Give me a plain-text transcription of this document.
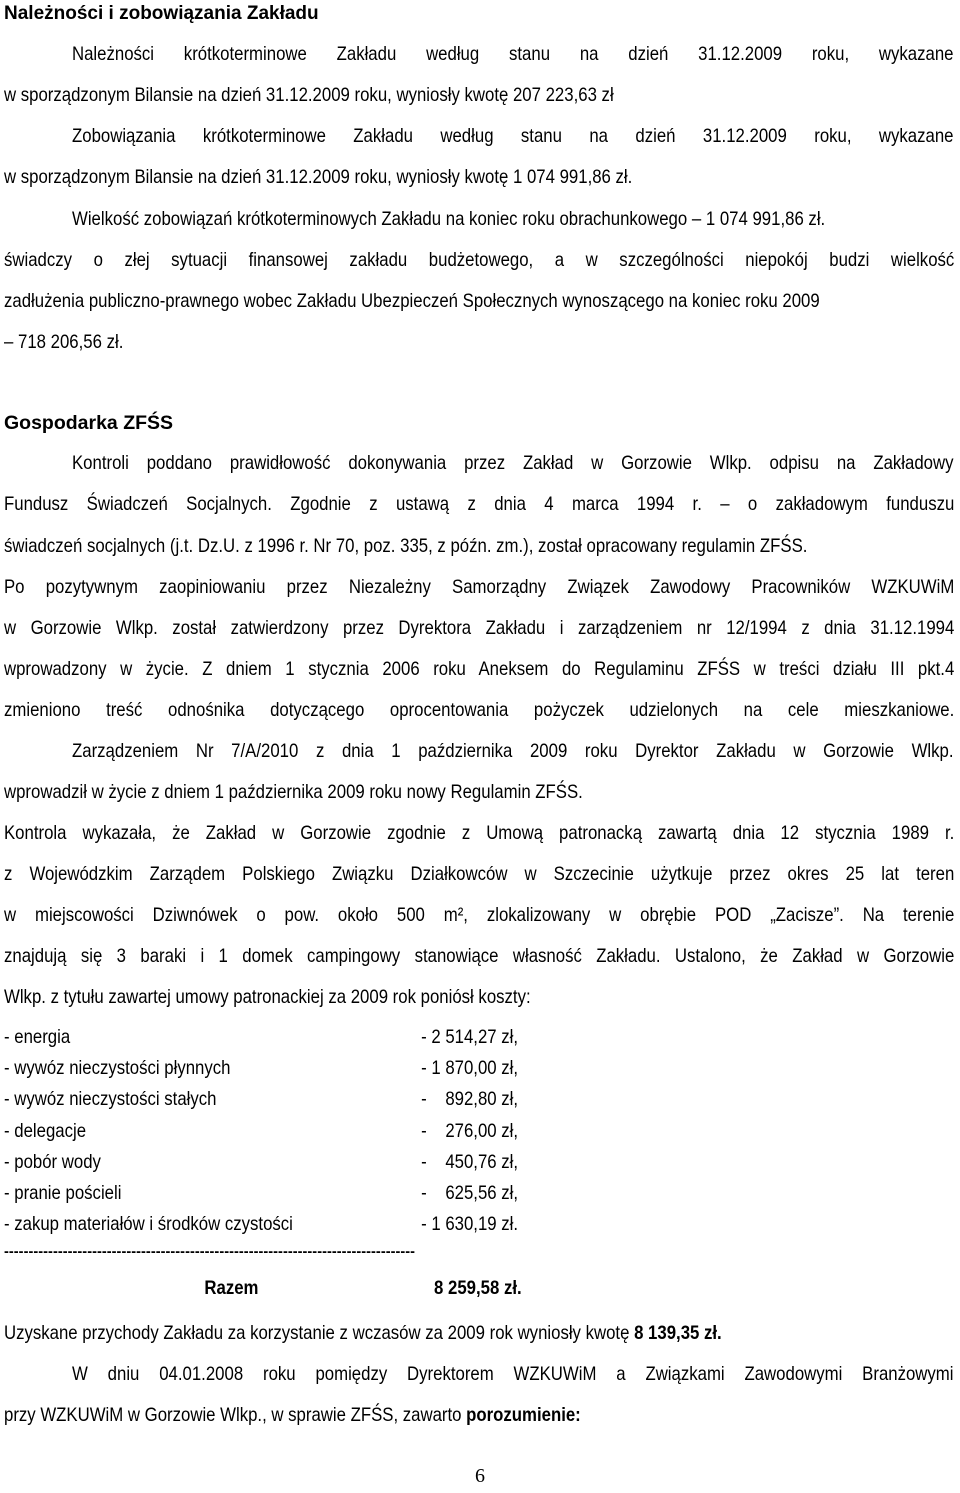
Należności i zobowiązania Zakładu
Należności krótkoterminowe Zakładu według stanu na dzień 31.12.2009 roku, wykazane
w sporządzonym Bilansie na dzień 31.12.2009 roku, wyniosły kwotę 207 223,63 zł
Zobowiązania krótkoterminowe Zakładu według stanu na dzień 31.12.2009 roku, wykazane
w sporządzonym Bilansie na dzień 31.12.2009 roku, wyniosły kwotę 1 074 991,86 zł.
Wielkość zobowiązań krótkoterminowych Zakładu na koniec roku obrachunkowego – 1 074 991,86 zł.
świadczy o złej sytuacji finansowej zakładu budżetowego, a w szczególności niepokój budzi wielkość
zadłużenia publiczno-prawnego wobec Zakładu Ubezpieczeń Społecznych wynoszącego na koniec roku 2009
– 718 206,56 zł.
Gospodarka ZFŚS
Kontroli poddano prawidłowość dokonywania przez Zakład w Gorzowie Wlkp. odpisu na Zakładowy
Fundusz Świadczeń Socjalnych. Zgodnie z ustawą z dnia 4 marca 1994 r. – o zakładowym funduszu
świadczeń socjalnych (j.t. Dz.U. z 1996 r. Nr 70, poz. 335, z późn. zm.), został opracowany regulamin ZFŚS.
Po pozytywnym zaopiniowaniu przez Niezależny Samorządny Związek Zawodowy Pracowników WZKUWiM
w Gorzowie Wlkp. został zatwierdzony przez Dyrektora Zakładu i zarządzeniem nr 12/1994 z dnia 31.12.1994
wprowadzony w życie. Z dniem 1 stycznia 2006 roku Aneksem do Regulaminu ZFŚS w treści działu III pkt.4
zmieniono treść odnośnika dotyczącego oprocentowania pożyczek udzielonych na cele mieszkaniowe.
Zarządzeniem Nr 7/A/2010 z dnia 1 października 2009 roku Dyrektor Zakładu w Gorzowie Wlkp.
wprowadził w życie z dniem 1 października 2009 roku nowy Regulamin ZFŚS.
Kontrola wykazała, że Zakład w Gorzowie zgodnie z Umową patronacką zawartą dnia 12 stycznia 1989 r.
z Wojewódzkim Zarządem Polskiego Związku Działkowców w Szczecinie użytkuje przez okres 25 lat teren
w miejscowości Dziwnówek o pow. około 500 m², zlokalizowany w obrębie POD „Zacisze”. Na terenie
znajdują się 3 baraki i 1 domek campingowy stanowiące własność Zakładu. Ustalono, że Zakład w Gorzowie
Wlkp. z tytułu zawartej umowy patronackiej za 2009 rok poniósł koszty:
- energia	- 2 514,27 zł,
- wywóz nieczystości płynnych	- 1 870,00 zł,
- wywóz nieczystości stałych	-    892,80 zł,
- delegacje	-    276,00 zł,
- pobór wody	-    450,76 zł,
- pranie pościeli	-    625,56 zł,
- zakup materiałów i środków czystości	- 1 630,19 zł.
------------------------------------------------------------------------------------
Razem	8 259,58 zł.
Uzyskane przychody Zakładu za korzystanie z wczasów za 2009 rok wyniosły kwotę 8 139,35 zł.
W dniu 04.01.2008 roku pomiędzy Dyrektorem WZKUWiM a Związkami Zawodowymi Branżowymi
przy WZKUWiM w Gorzowie Wlkp., w sprawie ZFŚS, zawarto porozumienie:
6
